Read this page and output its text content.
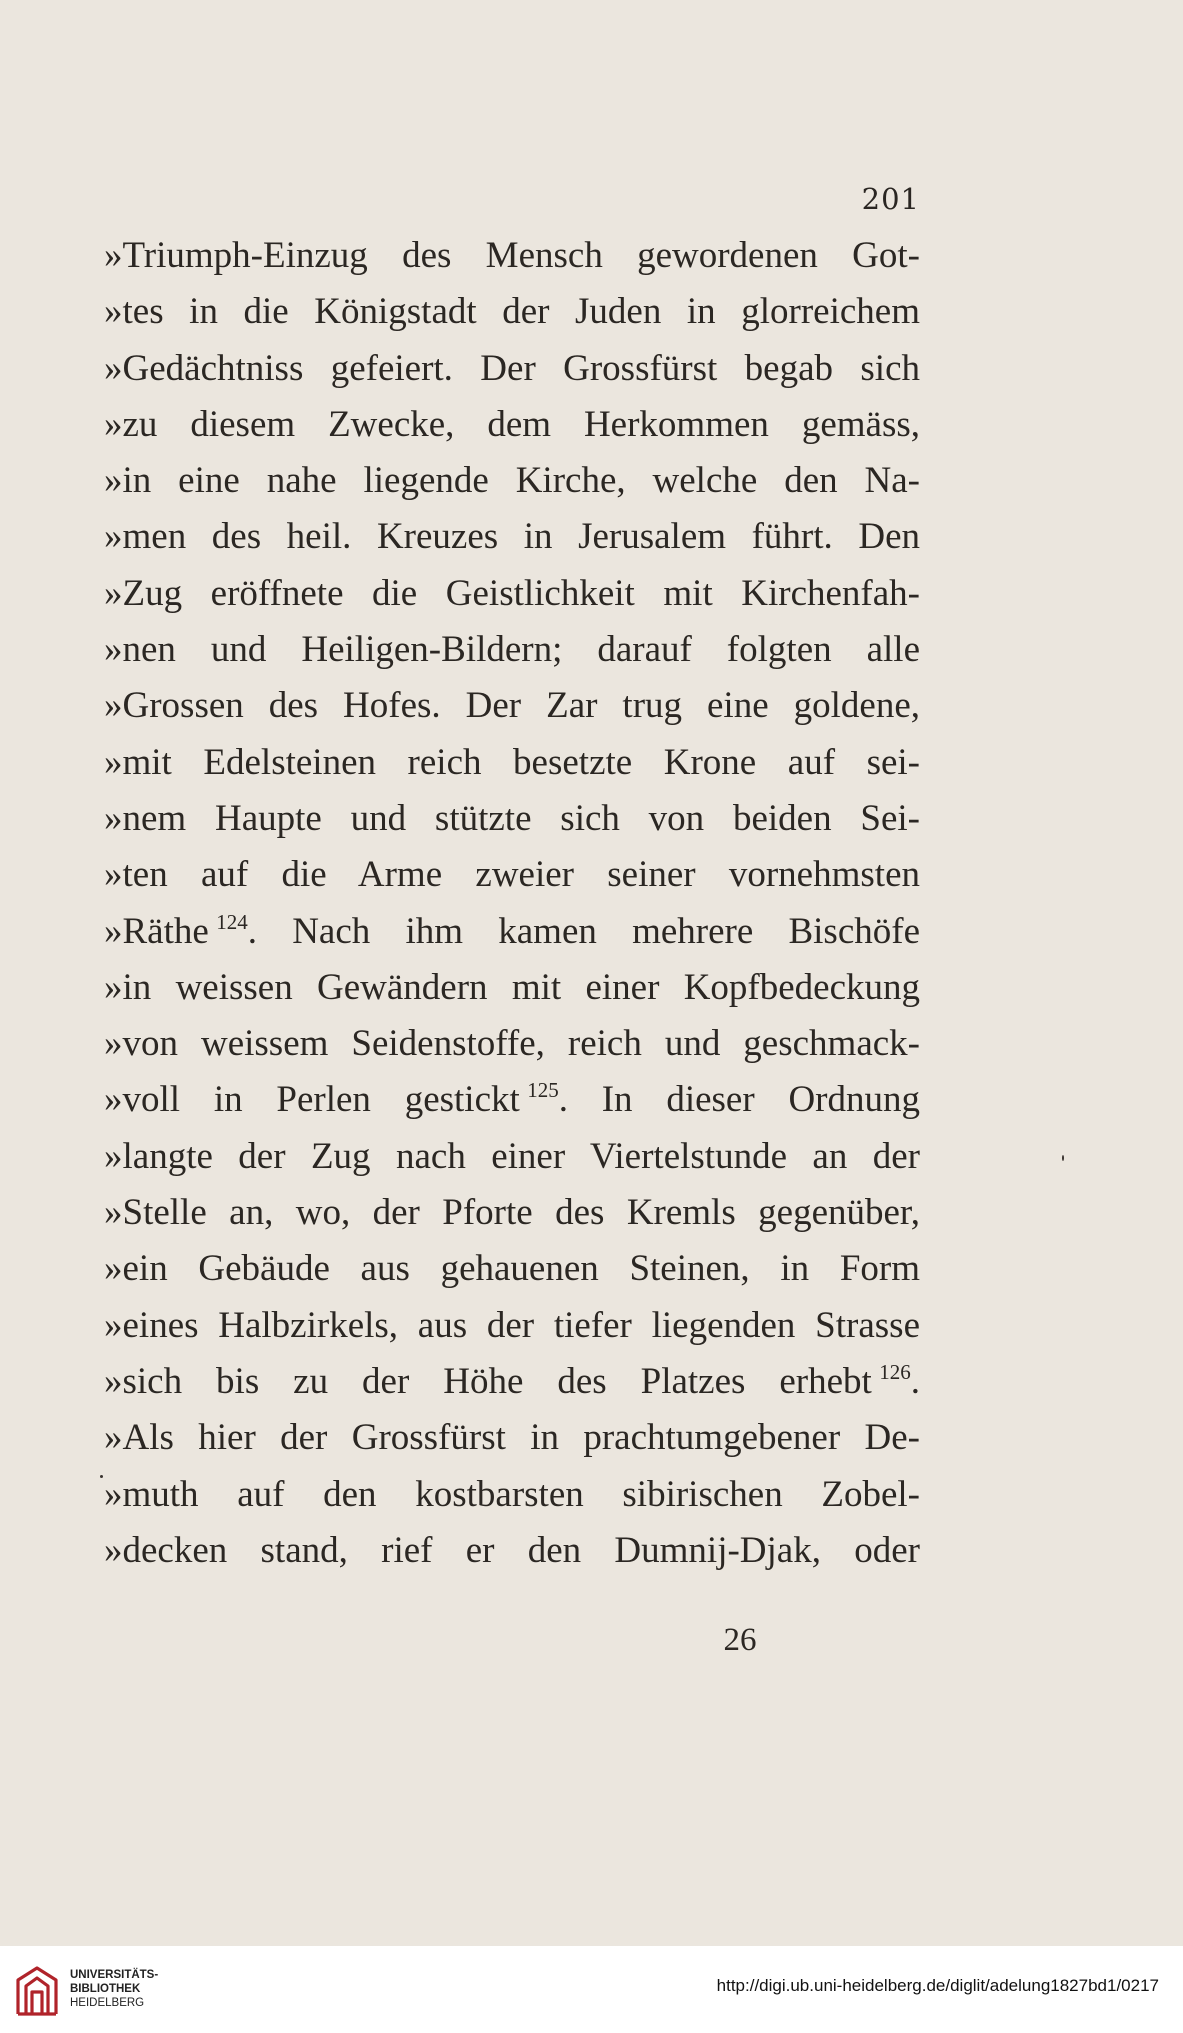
201
»Triumph-Einzug des Mensch gewordenen Got-
»tes in die Königstadt der Juden in glorreichem
»Gedächtniss gefeiert. Der Grossfürst begab sich
»zu diesem Zwecke, dem Herkommen gemäss,
»in eine nahe liegende Kirche, welche den Na-
»men des heil. Kreuzes in Jerusalem führt. Den
»Zug eröffnete die Geistlichkeit mit Kirchenfah-
»nen und Heiligen-Bildern; darauf folgten alle
»Grossen des Hofes. Der Zar trug eine goldene,
»mit Edelsteinen reich besetzte Krone auf sei-
»nem Haupte und stützte sich von beiden Sei-
»ten auf die Arme zweier seiner vornehmsten
»Räthe  $^{124}$. Nach ihm kamen mehrere Bischöfe
»in weissen Gewändern mit einer Kopfbedeckung
»von weissem Seidenstoffe, reich und geschmack-
»voll in Perlen gestickt  $^{125}$. In dieser Ordnung
»langte der Zug nach einer Viertelstunde an der
»Stelle an, wo, der Pforte des Kremls gegenüber,
»ein Gebäude aus gehauenen Steinen, in Form
»eines Halbzirkels, aus der tiefer liegenden Strasse
»sich bis zu der Höhe des Platzes erhebt  $^{126}$.
»Als hier der Grossfürst in prachtumgebener De-
»muth auf den kostbarsten sibirischen Zobel-
»decken stand, rief er den Dumnij-Djak, oder
26
UNIVERSITÄTS-
BIBLIOTHEK
HEIDELBERG
http://digi.ub.uni-heidelberg.de/diglit/adelung1827bd1/0217
